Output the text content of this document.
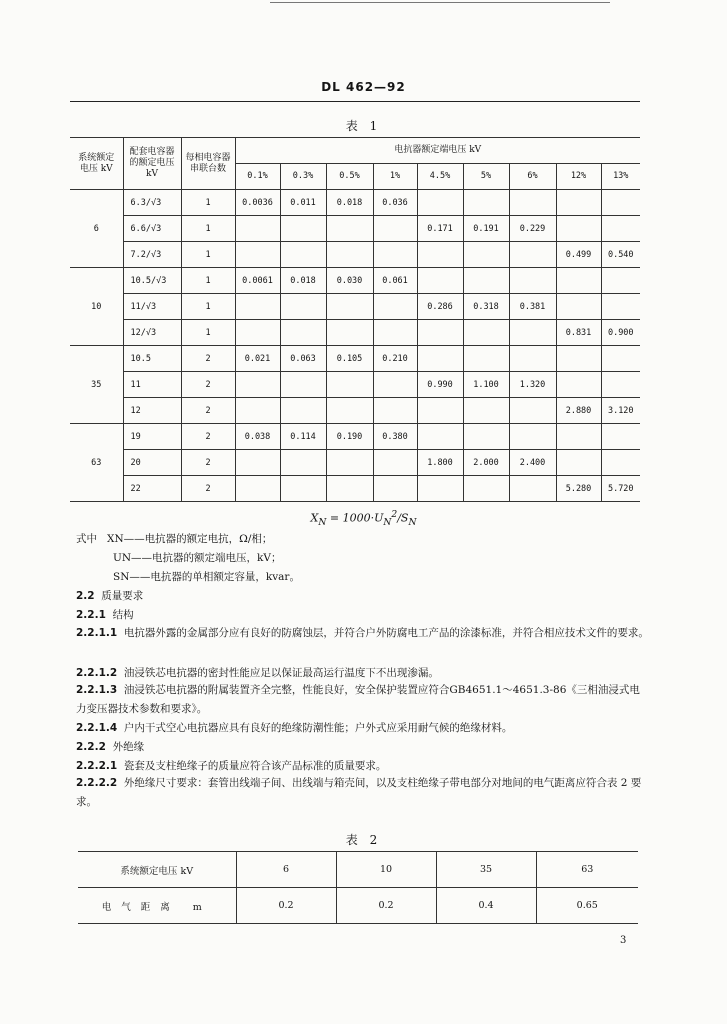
DL 462—92
表 1
系统额定电压 kV	配套电容器的额定电压 kV	每相电容器串联台数	电抗器额定端电压 kV								
			0.1%	0.3%	0.5%	1%	4.5%	5%	6%	12%	13%
6	6.3/√3	1	0.0036	0.011	0.018	0.036					
	6.6/√3	1					0.171	0.191	0.229		
	7.2/√3	1								0.499	0.540
10	10.5/√3	1	0.0061	0.018	0.030	0.061					
	11/√3	1					0.286	0.318	0.381		
	12/√3	1								0.831	0.900
35	10.5	2	0.021	0.063	0.105	0.210					
	11	2					0.990	1.100	1.320		
	12	2								2.880	3.120
63	19	2	0.038	0.114	0.190	0.380					
	20	2					1.800	2.000	2.400		
	22	2								5.280	5.720
$X_N = 1000\cdot U_N^2/S_N$
式中 XN——电抗器的额定电抗，Ω/相；
UN——电抗器的额定端电压，kV；
SN——电抗器的单相额定容量，kvar。
2.2 质量要求
2.2.1 结构
2.2.1.1 电抗器外露的金属部分应有良好的防腐蚀层，并符合户外防腐电工产品的涂漆标准，并符合相应技术文件的要求。
2.2.1.2 油浸铁芯电抗器的密封性能应足以保证最高运行温度下不出现渗漏。
2.2.1.3 油浸铁芯电抗器的附属装置齐全完整，性能良好，安全保护装置应符合GB4651.1～4651.3-86《三相油浸式电力变压器技术参数和要求》。
2.2.1.4 户内干式空心电抗器应具有良好的绝缘防潮性能；户外式应采用耐气候的绝缘材料。
2.2.2 外绝缘
2.2.2.1 瓷套及支柱绝缘子的质量应符合该产品标准的质量要求。
2.2.2.2 外绝缘尺寸要求：套管出线端子间、出线端与箱壳间，以及支柱绝缘子带电部分对地间的电气距离应符合表 2 要求。
表 2
系统额定电压 kV	6	10	35	63
电气距离 m	0.2	0.2	0.4	0.65
3
